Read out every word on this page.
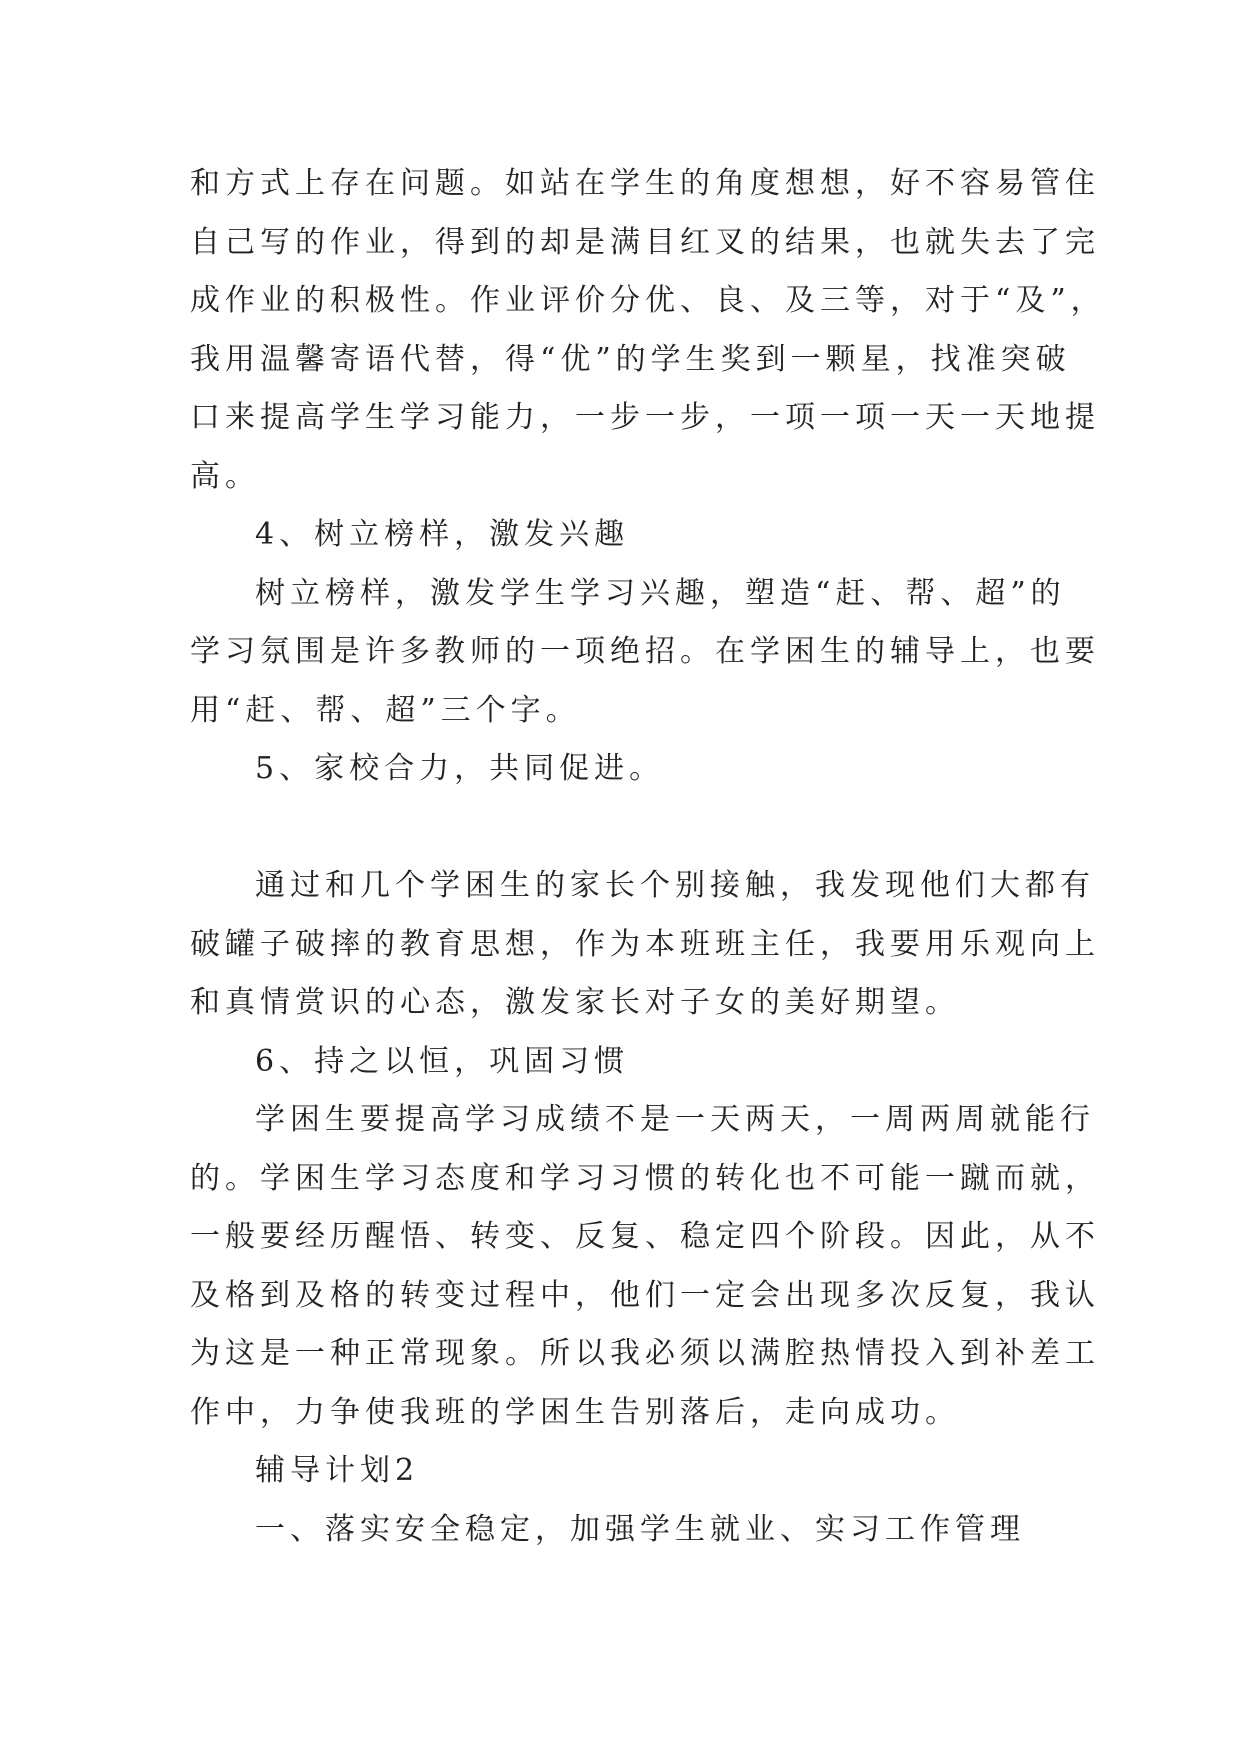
和方式上存在问题。如站在学生的角度想想，好不容易管住
自己写的作业，得到的却是满目红叉的结果，也就失去了完
成作业的积极性。作业评价分优、良、及三等，对于“及”，
我用温馨寄语代替，得“优”的学生奖到一颗星，找准突破
口来提高学生学习能力，一步一步，一项一项一天一天地提
高。
4、树立榜样，激发兴趣
树立榜样，激发学生学习兴趣，塑造“赶、帮、超”的
学习氛围是许多教师的一项绝招。在学困生的辅导上，也要
用“赶、帮、超”三个字。
5、家校合力，共同促进。
通过和几个学困生的家长个别接触，我发现他们大都有
破罐子破摔的教育思想，作为本班班主任，我要用乐观向上
和真情赏识的心态，激发家长对子女的美好期望。
6、持之以恒，巩固习惯
学困生要提高学习成绩不是一天两天，一周两周就能行
的。学困生学习态度和学习习惯的转化也不可能一蹴而就，
一般要经历醒悟、转变、反复、稳定四个阶段。因此，从不
及格到及格的转变过程中，他们一定会出现多次反复，我认
为这是一种正常现象。所以我必须以满腔热情投入到补差工
作中，力争使我班的学困生告别落后，走向成功。
辅导计划2
一、落实安全稳定，加强学生就业、实习工作管理
